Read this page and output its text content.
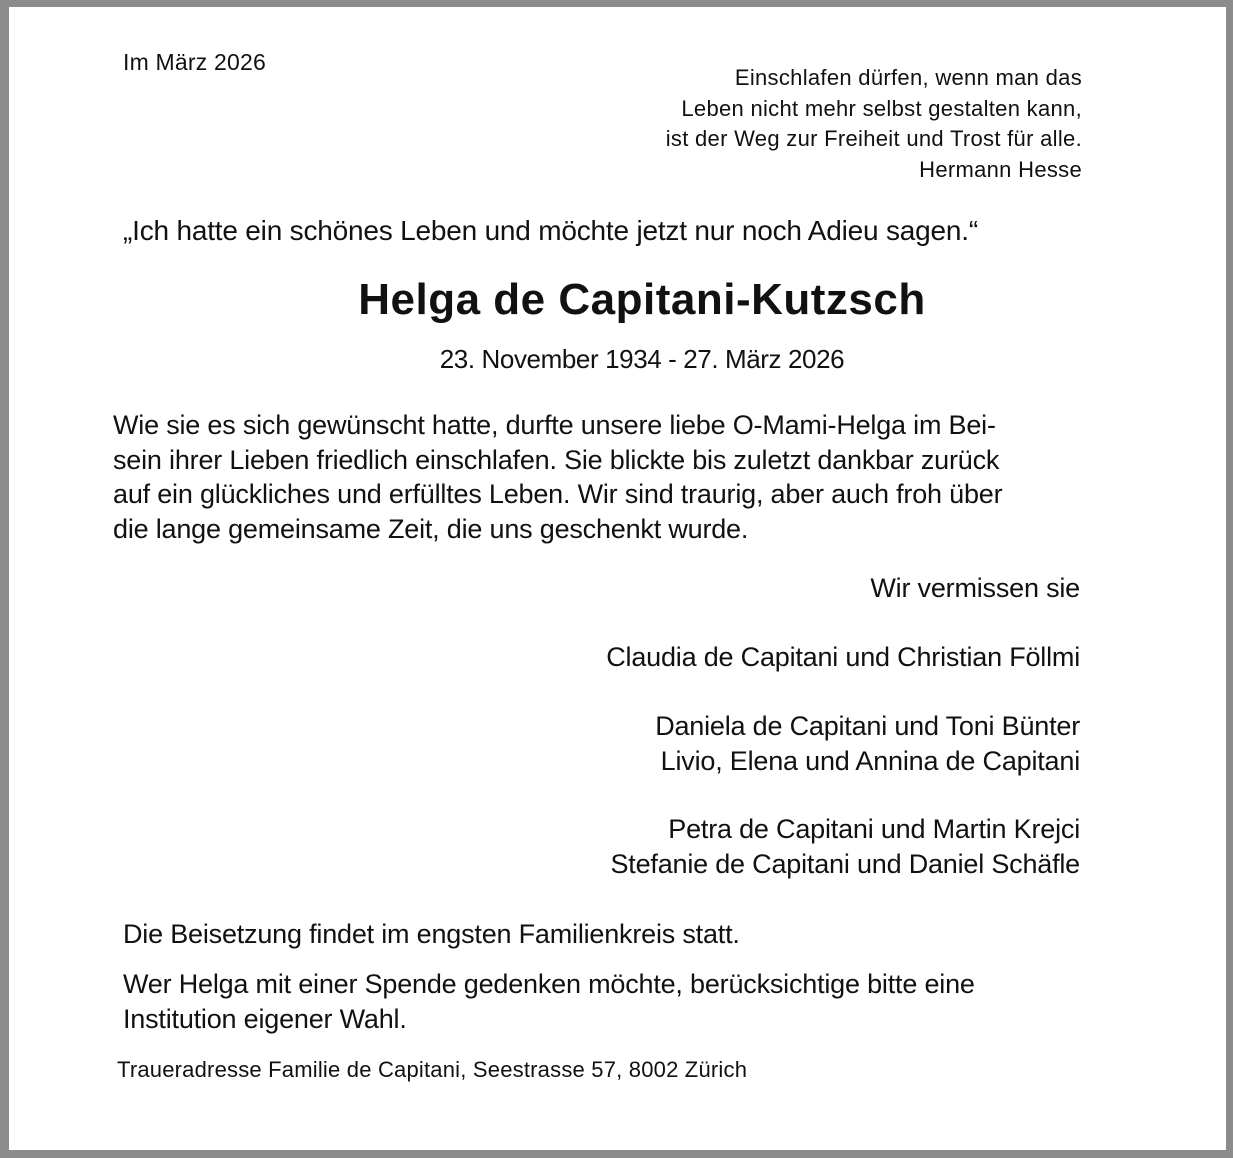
Im März 2026

Einschlafen dürfen, wenn man das
Leben nicht mehr selbst gestalten kann,
ist der Weg zur Freiheit und Trost für alle.
Hermann Hesse

„Ich hatte ein schönes Leben und möchte jetzt nur noch Adieu sagen.“

Helga de Capitani-Kutzsch

23. November 1934 - 27. März 2026

Wie sie es sich gewünscht hatte, durfte unsere liebe O-Mami-Helga im Bei-
sein ihrer Lieben friedlich einschlafen. Sie blickte bis zuletzt dankbar zurück
auf ein glückliches und erfülltes Leben. Wir sind traurig, aber auch froh über
die lange gemeinsame Zeit, die uns geschenkt wurde.
Wir vermissen sie
Claudia de Capitani und Christian Föllmi
Daniela de Capitani und Toni Bünter
Livio, Elena und Annina de Capitani
Petra de Capitani und Martin Krejci
Stefanie de Capitani und Daniel Schäfle

Die Beisetzung findet im engsten Familienkreis statt.

Wer Helga mit einer Spende gedenken möchte, berücksichtige bitte eine
Institution eigener Wahl.

Traueradresse Familie de Capitani, Seestrasse 57, 8002 Zürich
